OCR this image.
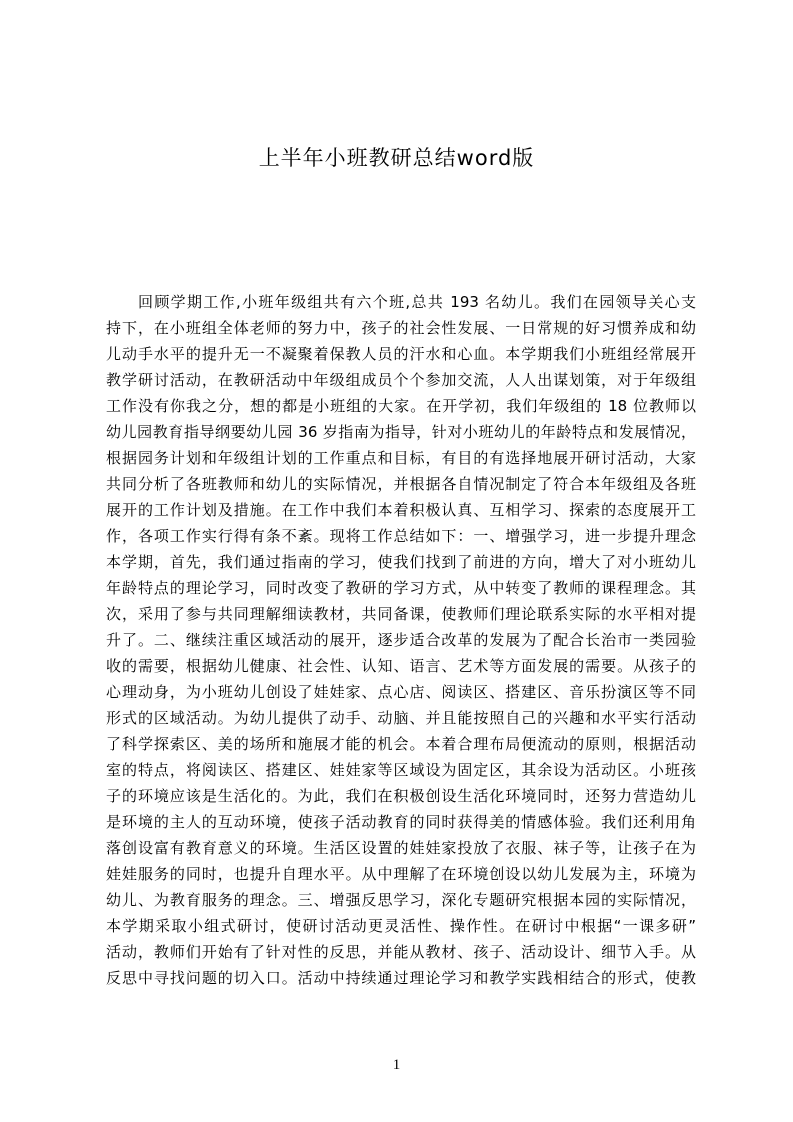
上半年小班教研总结word版
回顾学期工作,小班年级组共有六个班,总共 193 名幼儿。我们在园领导关心支
持下，在小班组全体老师的努力中，孩子的社会性发展、一日常规的好习惯养成和幼
儿动手水平的提升无一不凝聚着保教人员的汗水和心血。本学期我们小班组经常展开
教学研讨活动，在教研活动中年级组成员个个参加交流，人人出谋划策，对于年级组
工作没有你我之分，想的都是小班组的大家。在开学初，我们年级组的 18 位教师以
幼儿园教育指导纲要幼儿园 36 岁指南为指导，针对小班幼儿的年龄特点和发展情况，
根据园务计划和年级组计划的工作重点和目标，有目的有选择地展开研讨活动，大家
共同分析了各班教师和幼儿的实际情况，并根据各自情况制定了符合本年级组及各班
展开的工作计划及措施。在工作中我们本着积极认真、互相学习、探索的态度展开工
作，各项工作实行得有条不紊。现将工作总结如下：一、增强学习，进一步提升理念
本学期，首先，我们通过指南的学习，使我们找到了前进的方向，增大了对小班幼儿
年龄特点的理论学习，同时改变了教研的学习方式，从中转变了教师的课程理念。其
次，采用了参与共同理解细读教材，共同备课，使教师们理论联系实际的水平相对提
升了。二、继续注重区域活动的展开，逐步适合改革的发展为了配合长治市一类园验
收的需要，根据幼儿健康、社会性、认知、语言、艺术等方面发展的需要。从孩子的
心理动身，为小班幼儿创设了娃娃家、点心店、阅读区、搭建区、音乐扮演区等不同
形式的区域活动。为幼儿提供了动手、动脑、并且能按照自己的兴趣和水平实行活动
了科学探索区、美的场所和施展才能的机会。本着合理布局便流动的原则，根据活动
室的特点，将阅读区、搭建区、娃娃家等区域设为固定区，其余设为活动区。小班孩
子的环境应该是生活化的。为此，我们在积极创设生活化环境同时，还努力营造幼儿
是环境的主人的互动环境，使孩子活动教育的同时获得美的情感体验。我们还利用角
落创设富有教育意义的环境。生活区设置的娃娃家投放了衣服、袜子等，让孩子在为
娃娃服务的同时，也提升自理水平。从中理解了在环境创设以幼儿发展为主，环境为
幼儿、为教育服务的理念。三、增强反思学习，深化专题研究根据本园的实际情况，
本学期采取小组式研讨，使研讨活动更灵活性、操作性。在研讨中根据“一课多研”
活动，教师们开始有了针对性的反思，并能从教材、孩子、活动设计、细节入手。从
反思中寻找问题的切入口。活动中持续通过理论学习和教学实践相结合的形式，使教
1
